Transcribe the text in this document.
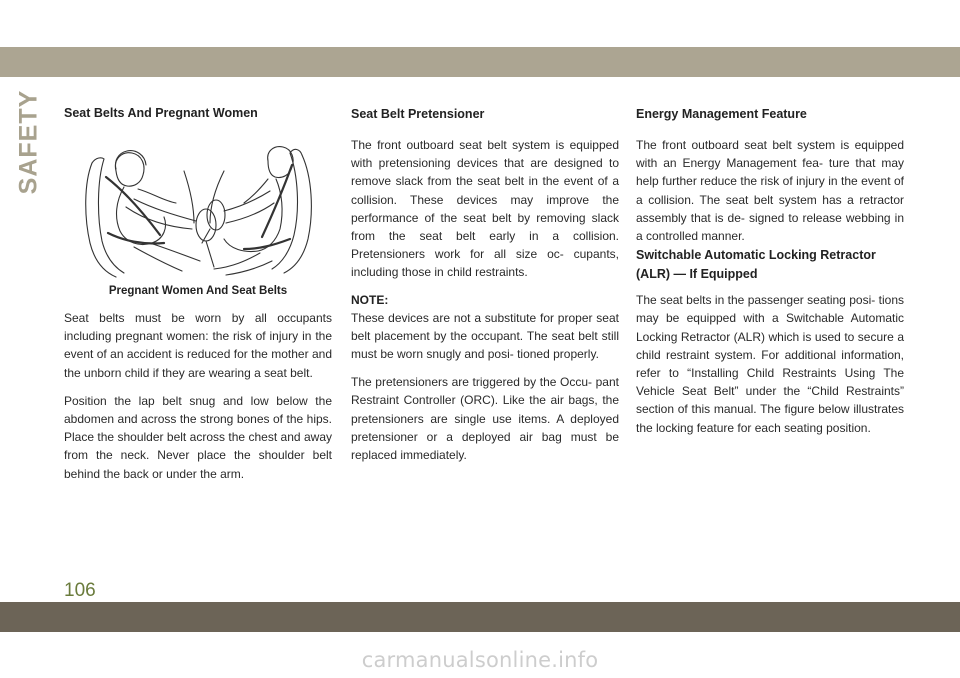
SAFETY Seat Belts And Pregnant Women
Pregnant Women And Seat Belts

Seat belts must be worn by all occupants including pregnant women: the risk of injury in the event of an accident is reduced for the mother and the unborn child if they are wearing a seat belt.

Position the lap belt snug and low below the abdomen and across the strong bones of the hips. Place the shoulder belt across the chest and away from the neck. Never place the shoulder belt behind the back or under the arm.

Seat Belt Pretensioner

The front outboard seat belt system is equipped with pretensioning devices that are designed to remove slack from the seat belt in the event of a collision. These devices may improve the performance of the seat belt by removing slack from the seat belt early in a collision. Pretensioners work for all size oc- cupants, including those in child restraints.

NOTE:

These devices are not a substitute for proper seat belt placement by the occupant. The seat belt still must be worn snugly and posi- tioned properly.

The pretensioners are triggered by the Occu- pant Restraint Controller (ORC). Like the air bags, the pretensioners are single use items. A deployed pretensioner or a deployed air bag must be replaced immediately.

Energy Management Feature

The front outboard seat belt system is equipped with an Energy Management fea- ture that may help further reduce the risk of injury in the event of a collision. The seat belt system has a retractor assembly that is de- signed to release webbing in a controlled manner.

Switchable Automatic Locking Retractor (ALR) — If Equipped

The seat belts in the passenger seating posi- tions may be equipped with a Switchable Automatic Locking Retractor (ALR) which is used to secure a child restraint system. For additional information, refer to “Installing Child Restraints Using The Vehicle Seat Belt” under the “Child Restraints” section of this manual. The figure below illustrates the locking feature for each seating position.

106
carmanualsonline.info
